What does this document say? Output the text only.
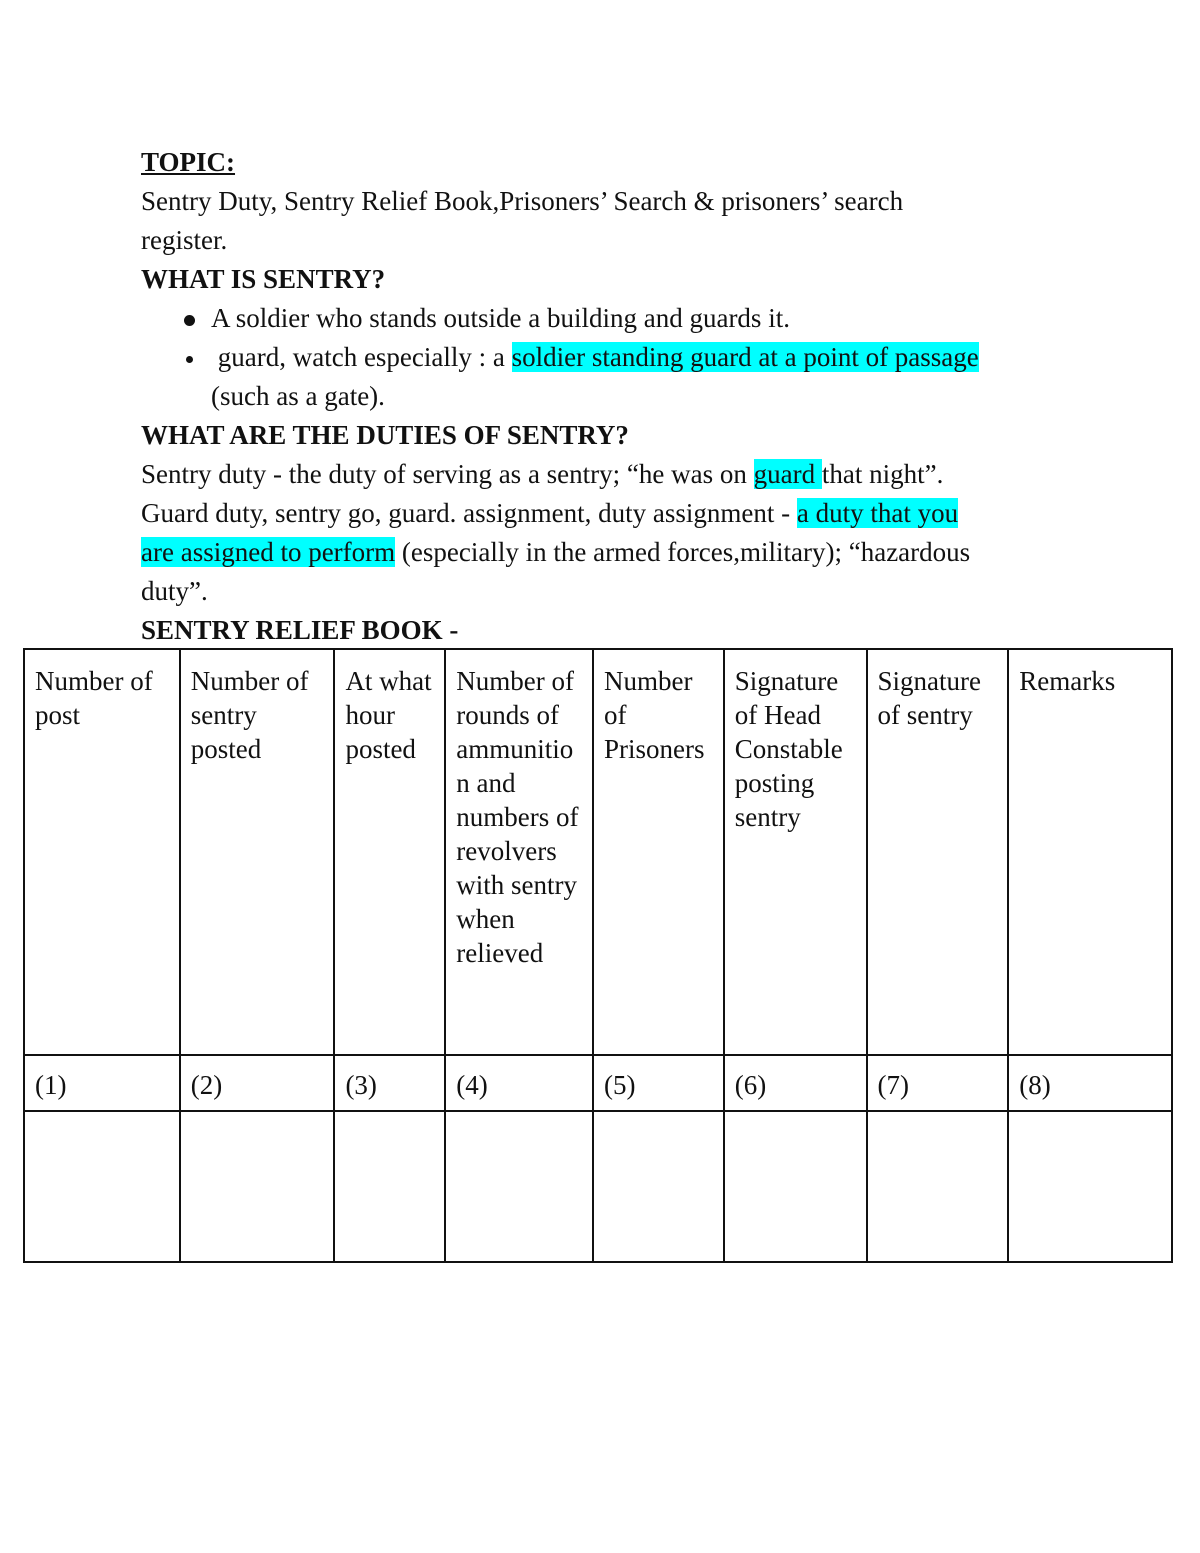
TOPIC:
Sentry Duty, Sentry Relief Book,Prisoners’ Search & prisoners’ search
register.
WHAT IS SENTRY?
A soldier who stands outside a building and guards it.
guard, watch especially : a soldier standing guard at a point of passage
(such as a gate).
WHAT ARE THE DUTIES OF SENTRY?
Sentry duty - the duty of serving as a sentry; “he was on guard that night”.
Guard duty, sentry go, guard. assignment, duty assignment - a duty that you
are assigned to perform (especially in the armed forces,military); “hazardous
duty”.
SENTRY RELIEF BOOK -
Number of post	Number of sentry posted	At what hour posted	Number of rounds of ammunition and numbers of revolvers with sentry when relieved	Number of Prisoners	Signature of Head Constable posting sentry	Signature of sentry	Remarks
(1)	(2)	(3)	(4)	(5)	(6)	(7)	(8)
